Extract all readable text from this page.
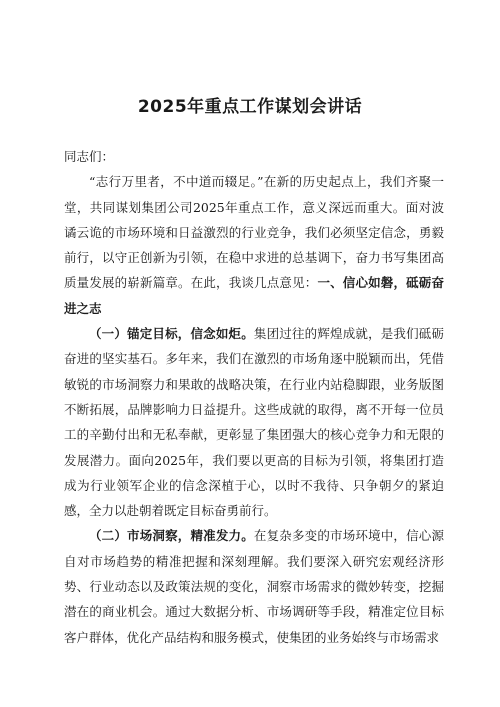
2025年重点工作谋划会讲话

同志们：

“志行万里者，不中道而辍足。”在新的历史起点上，我们齐聚一堂，共同谋划集团公司2025年重点工作，意义深远而重大。面对波谲云诡的市场环境和日益激烈的行业竞争，我们必须坚定信念，勇毅前行，以守正创新为引领，在稳中求进的总基调下，奋力书写集团高质量发展的崭新篇章。在此，我谈几点意见：一、信心如磐，砥砺奋进之志

（一）锚定目标，信念如炬。集团过往的辉煌成就，是我们砥砺奋进的坚实基石。多年来，我们在激烈的市场角逐中脱颖而出，凭借敏锐的市场洞察力和果敢的战略决策，在行业内站稳脚跟，业务版图不断拓展，品牌影响力日益提升。这些成就的取得，离不开每一位员工的辛勤付出和无私奉献，更彰显了集团强大的核心竞争力和无限的发展潜力。面向2025年，我们要以更高的目标为引领，将集团打造成为行业领军企业的信念深植于心，以时不我待、只争朝夕的紧迫感，全力以赴朝着既定目标奋勇前行。

（二）市场洞察，精准发力。在复杂多变的市场环境中，信心源自对市场趋势的精准把握和深刻理解。我们要深入研究宏观经济形势、行业动态以及政策法规的变化，洞察市场需求的微妙转变，挖掘潜在的商业机会。通过大数据分析、市场调研等手段，精准定位目标客户群体，优化产品结构和服务模式，使集团的业务始终与市场需求
